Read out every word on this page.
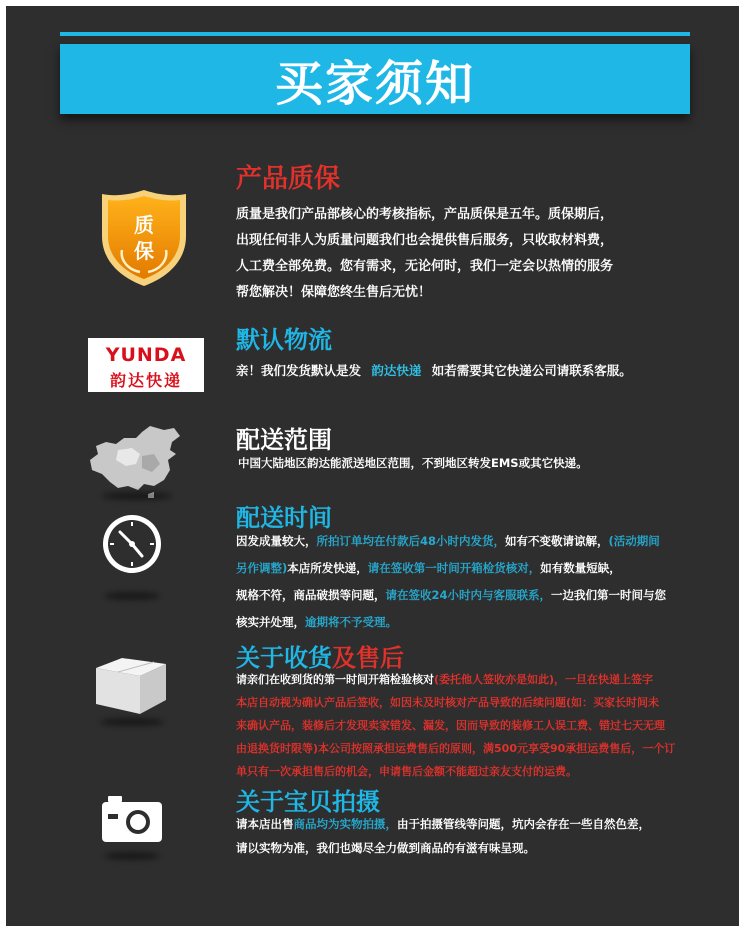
买家须知
质
保
产品质保
质量是我们产品部核心的考核指标，产品质保是五年。质保期后，
出现任何非人为质量问题我们也会提供售后服务，只收取材料费，
人工费全部免费。您有需求，无论何时，我们一定会以热情的服务
帮您解决！保障您终生售后无忧！
YUNDA
韵达快递
默认物流
亲！我们发货默认是发 韵达快递 如若需要其它快递公司请联系客服。
配送范围
中国大陆地区韵达能派送地区范围，不到地区转发EMS或其它快递。
配送时间
因发成量较大，所拍订单均在付款后48小时内发货，如有不变敬请谅解，(活动期间
另作调整)本店所发快递，请在签收第一时间开箱检货核对，如有数量短缺，
规格不符，商品破损等问题，请在签收24小时内与客服联系，一边我们第一时间与您
核实并处理，逾期将不予受理。
关于收货及售后
请亲们在收到货的第一时间开箱检验核对(委托他人签收亦是如此)，一旦在快递上签字
本店自动视为确认产品后签收，如因未及时核对产品导致的后续问题(如：买家长时间未
来确认产品，装修后才发现卖家错发、漏发，因而导致的装修工人误工费、错过七天无理
由退换货时限等)本公司按照承担运费售后的原则，满500元享受90承担运费售后，一个订
单只有一次承担售后的机会，申请售后金额不能超过亲友支付的运费。
关于宝贝拍摄
请本店出售商品均为实物拍摄，由于拍摄管线等问题，坑内会存在一些自然色差，
请以实物为准，我们也竭尽全力做到商品的有滋有味呈现。
